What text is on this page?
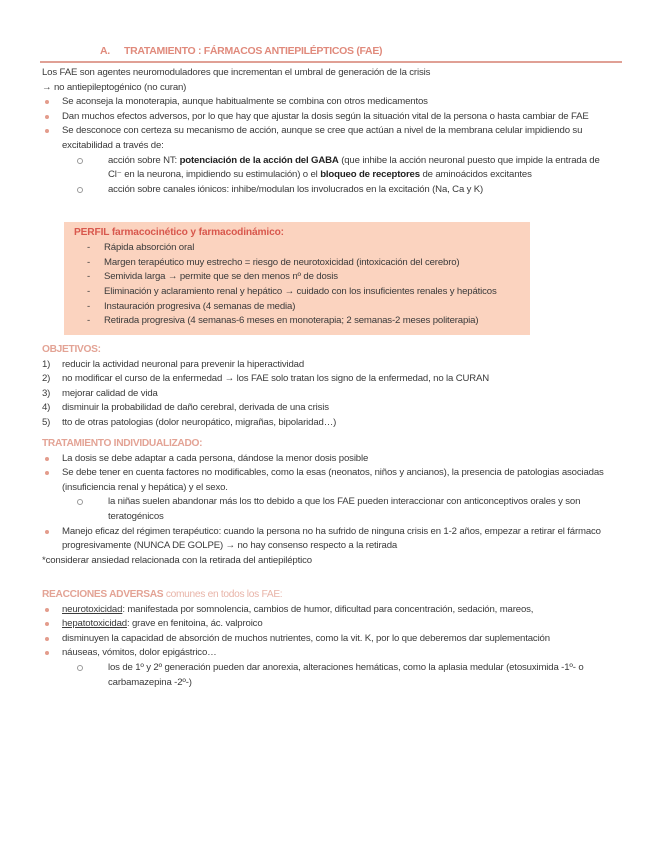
A. TRATAMIENTO : FÁRMACOS ANTIEPILÉPTICOS (FAE)
Los FAE son agentes neuromoduladores que incrementan el umbral de generación de la crisis
→ no antiepileptogénico (no curan)
Se aconseja la monoterapia, aunque habitualmente se combina con otros medicamentos
Dan muchos efectos adversos, por lo que hay que ajustar la dosis según la situación vital de la persona o hasta cambiar de FAE
Se desconoce con certeza su mecanismo de acción, aunque se cree que actúan a nivel de la membrana celular impidiendo su excitabilidad a través de:
acción sobre NT: potenciación de la acción del GABA (que inhibe la acción neuronal puesto que impide la entrada de Cl⁻ en la neurona, impidiendo su estimulación) o el bloqueo de receptores de aminoácidos excitantes
acción sobre canales iónicos: inhibe/modulan los involucrados en la excitación (Na, Ca y K)
PERFIL farmacocinético y farmacodinámico:
- Rápida absorción oral
- Margen terapéutico muy estrecho = riesgo de neurotoxicidad (intoxicación del cerebro)
- Semivida larga → permite que se den menos nº de dosis
- Eliminación y aclaramiento renal y hepático → cuidado con los insuficientes renales y hepáticos
- Instauración progresiva (4 semanas de media)
- Retirada progresiva (4 semanas-6 meses en monoterapia; 2 semanas-2 meses politerapia)
OBJETIVOS:
1) reducir la actividad neuronal para prevenir la hiperactividad
2) no modificar el curso de la enfermedad → los FAE solo tratan los signo de la enfermedad, no la CURAN
3) mejorar calidad de vida
4) disminuir la probabilidad de daño cerebral, derivada de una crisis
5) tto de otras patologias (dolor neuropático, migrañas, bipolaridad…)
TRATAMIENTO INDIVIDUALIZADO:
La dosis se debe adaptar a cada persona, dándose la menor dosis posible
Se debe tener en cuenta factores no modificables, como la esas (neonatos, niños y ancianos), la presencia de patologias asociadas (insuficiencia renal y hepática) y el sexo.
la niñas suelen abandonar más los tto debido a que los FAE pueden interaccionar con anticonceptivos orales y son teratogénicos
Manejo eficaz del régimen terapéutico: cuando la persona no ha sufrido de ninguna crisis en 1-2 años, empezar a retirar el fármaco progresivamente (NUNCA DE GOLPE) → no hay consenso respecto a la retirada
*considerar ansiedad relacionada con la retirada del antiepiléptico
REACCIONES ADVERSAS comunes en todos los FAE:
neurotoxicidad: manifestada por somnolencia, cambios de humor, dificultad para concentración, sedación, mareos,
hepatotoxicidad: grave en fenitoina, ác. valproico
disminuyen la capacidad de absorción de muchos nutrientes, como la vit. K, por lo que deberemos dar suplementación
náuseas, vómitos, dolor epigástrico…
los de 1º y 2º generación pueden dar anorexia, alteraciones hemáticas, como la aplasia medular (etosuximida -1º- o carbamazepina -2º-)
